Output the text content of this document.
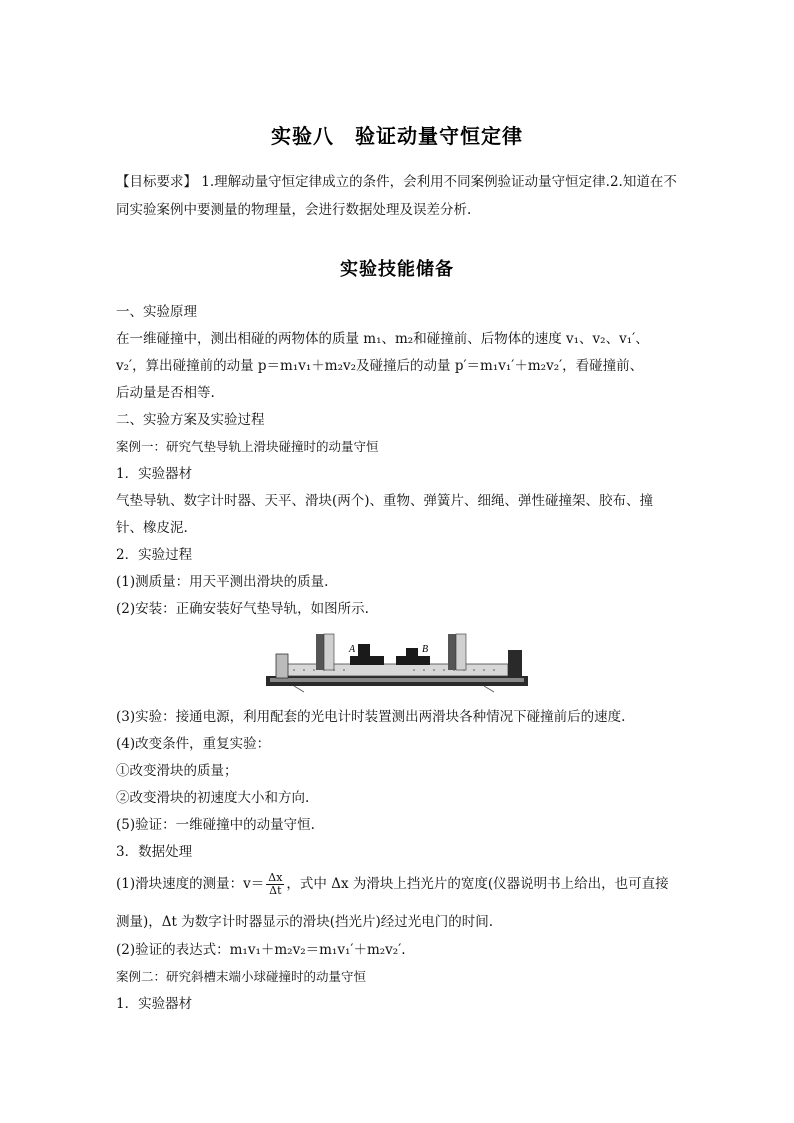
实验八　验证动量守恒定律
【目标要求】 1.理解动量守恒定律成立的条件，会利用不同案例验证动量守恒定律.2.知道在不
同实验案例中要测量的物理量，会进行数据处理及误差分析.
实验技能储备
一、实验原理
在一维碰撞中，测出相碰的两物体的质量 m₁、m₂和碰撞前、后物体的速度 v₁、v₂、v₁′、
v₂′，算出碰撞前的动量 p＝m₁v₁＋m₂v₂及碰撞后的动量 p′＝m₁v₁′＋m₂v₂′，看碰撞前、
后动量是否相等.
二、实验方案及实验过程
案例一：研究气垫导轨上滑块碰撞时的动量守恒
1．实验器材
气垫导轨、数字计时器、天平、滑块(两个)、重物、弹簧片、细绳、弹性碰撞架、胶布、撞
针、橡皮泥.
2．实验过程
(1)测质量：用天平测出滑块的质量.
(2)安装：正确安装好气垫导轨，如图所示.
A	B
(3)实验：接通电源，利用配套的光电计时装置测出两滑块各种情况下碰撞前后的速度.
(4)改变条件，重复实验：
①改变滑块的质量；
②改变滑块的初速度大小和方向.
(5)验证：一维碰撞中的动量守恒.
3．数据处理
(1)滑块速度的测量：$v= \frac{\Delta x}{\Delta t}$ ，式中 Δx 为滑块上挡光片的宽度(仪器说明书上给出，也可直接
测量)，Δt 为数字计时器显示的滑块(挡光片)经过光电门的时间.
(2)验证的表达式：m₁v₁＋m₂v₂＝m₁v₁′＋m₂v₂′.
案例二：研究斜槽末端小球碰撞时的动量守恒
1．实验器材
